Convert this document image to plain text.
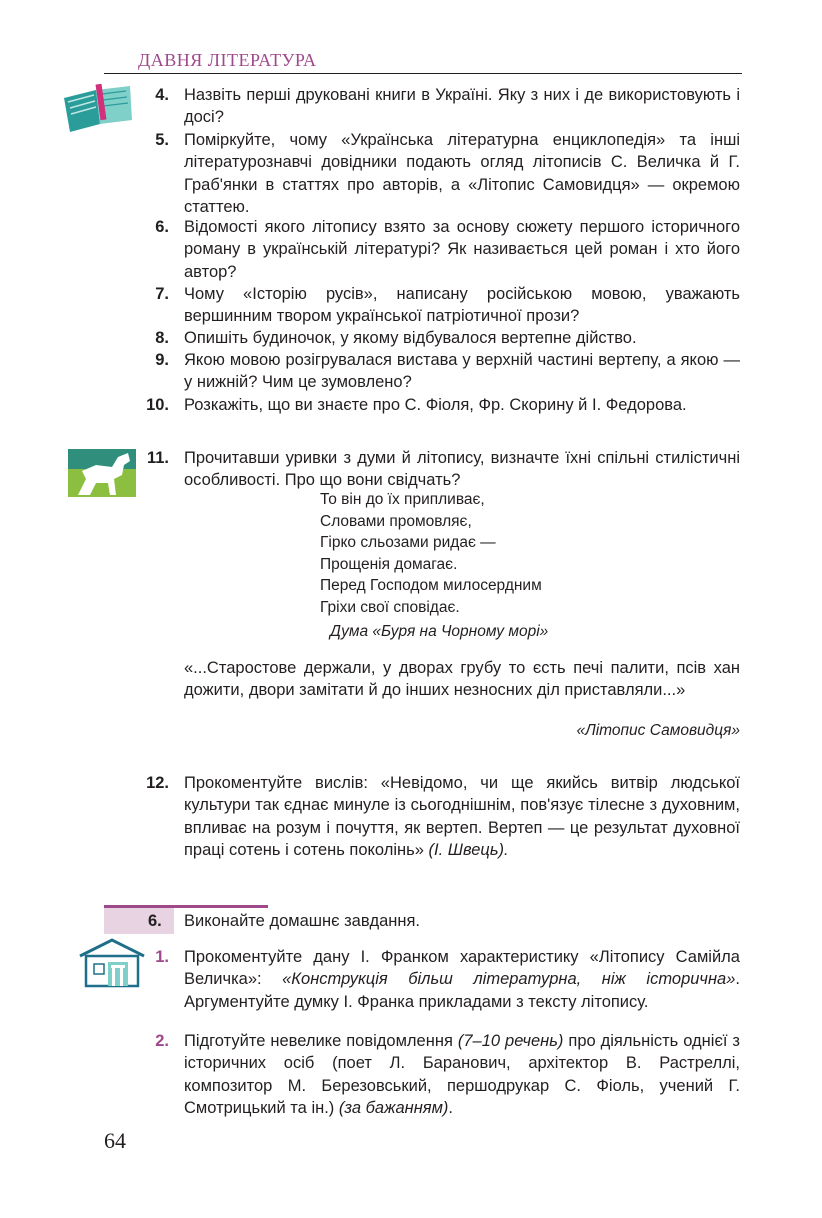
ДАВНЯ ЛІТЕРАТУРА
4. Назвіть перші друковані книги в Україні. Яку з них і де використовують і досі?
5. Поміркуйте, чому «Українська літературна енциклопедія» та інші літературознавчі довідники подають огляд літописів С. Величка й Г. Граб'янки в статтях про авторів, а «Літопис Самовидця» — окремою статтею.
6. Відомості якого літопису взято за основу сюжету першого історичного роману в українській літературі? Як називається цей роман і хто його автор?
7. Чому «Історію русів», написану російською мовою, уважають вершинним твором української патріотичної прози?
8. Опишіть будиночок, у якому відбувалося вертепне дійство.
9. Якою мовою розігрувалася вистава у верхній частині вертепу, а якою — у нижній? Чим це зумовлено?
10. Розкажіть, що ви знаєте про С. Фіоля, Фр. Скорину й І. Федорова.
11. Прочитавши уривки з думи й літопису, визначте їхні спільні стилістичні особливості. Про що вони свідчать?
То він до їх припливає,
Словами промовляє,
Гірко сльозами ридає —
Прощенія домагає.
Перед Господом милосердним
Гріхи свої сповідає.
Дума «Буря на Чорному морі»
«...Старостове держали, у дворах грубу то єсть печі палити, псів хан дожити, двори замітати й до інших незносних діл приставляли...»
«Літопис Самовидця»
12. Прокоментуйте вислів: «Невідомо, чи ще якийсь витвір людської культури так єднає минуле із сьогоднішнім, пов'язує тілесне з духовним, впливає на розум і почуття, як вертеп. Вертеп — це результат духовної праці сотень і сотень поколінь» (І. Швець).
6. Виконайте домашнє завдання.
1. Прокоментуйте дану І. Франком характеристику «Літопису Самійла Величка»: «Конструкція більш літературна, ніж історична». Аргументуйте думку І. Франка прикладами з тексту літопису.
2. Підготуйте невелике повідомлення (7–10 речень) про діяльність однієї з історичних осіб (поет Л. Баранович, архітектор В. Растреллі, композитор М. Березовський, першодрукар С. Фіоль, учений Г. Смотрицький та ін.) (за бажанням).
64
